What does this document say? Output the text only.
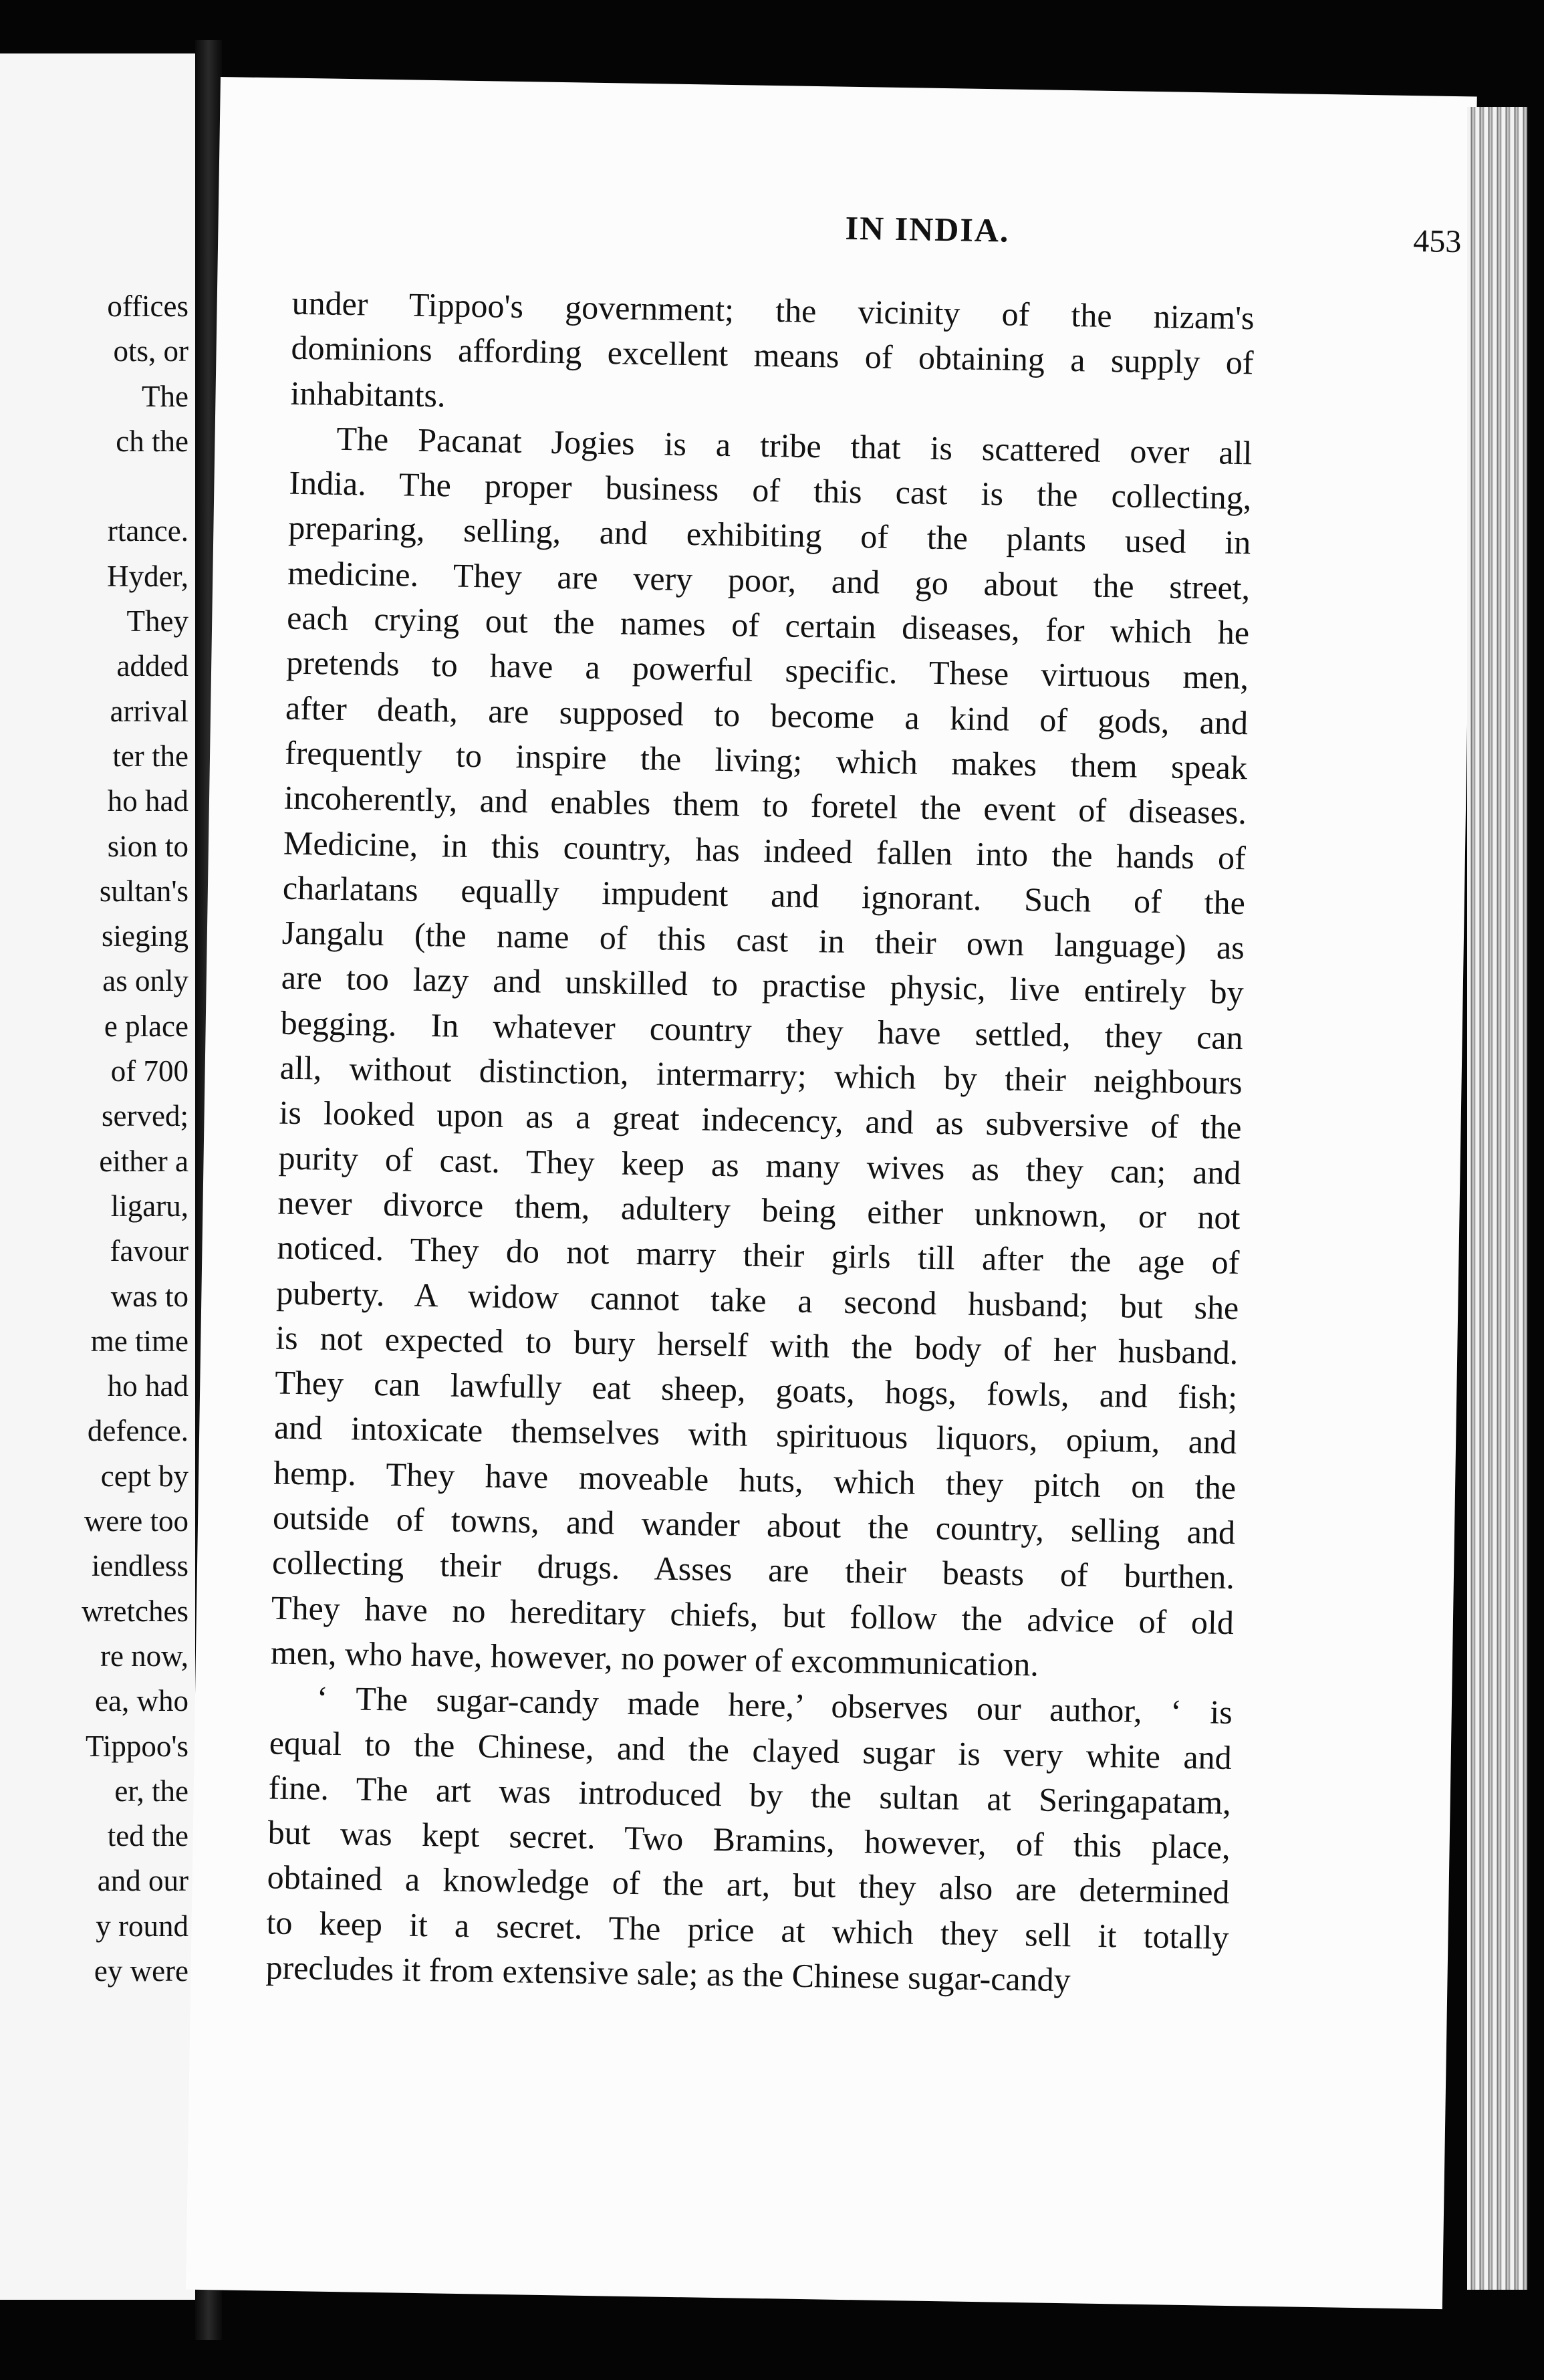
offices
ots, or
The
ch the
rtance.
Hyder,
They
added
arrival
ter the
ho had
sion to
sultan's
sieging
as only
e place
of 700
served;
either a
ligaru,
favour
was to
me time
ho had
defence.
cept by
were too
iendless
wretches
re now,
ea, who
Tippoo's
er, the
ted the
and our
y round
ey were
IN INDIA.	453

under Tippoo's government; the vicinity of the nizam's
dominions affording excellent means of obtaining a supply of
inhabitants.

The Pacanat Jogies is a tribe that is scattered over all
India. The proper business of this cast is the collecting,
preparing, selling, and exhibiting of the plants used in
medicine. They are very poor, and go about the street,
each crying out the names of certain diseases, for which he
pretends to have a powerful specific. These virtuous men,
after death, are supposed to become a kind of gods, and
frequently to inspire the living; which makes them speak
incoherently, and enables them to foretel the event of diseases.
Medicine, in this country, has indeed fallen into the hands of
charlatans equally impudent and ignorant. Such of the
Jangalu (the name of this cast in their own language) as
are too lazy and unskilled to practise physic, live entirely by
begging. In whatever country they have settled, they can
all, without distinction, intermarry; which by their neighbours
is looked upon as a great indecency, and as subversive of the
purity of cast. They keep as many wives as they can; and
never divorce them, adultery being either unknown, or not
noticed. They do not marry their girls till after the age of
puberty. A widow cannot take a second husband; but she
is not expected to bury herself with the body of her husband.
They can lawfully eat sheep, goats, hogs, fowls, and fish;
and intoxicate themselves with spirituous liquors, opium, and
hemp. They have moveable huts, which they pitch on the
outside of towns, and wander about the country, selling and
collecting their drugs. Asses are their beasts of burthen.
They have no hereditary chiefs, but follow the advice of old
men, who have, however, no power of excommunication.

‘ The sugar-candy made here,’ observes our author, ‘ is
equal to the Chinese, and the clayed sugar is very white and
fine. The art was introduced by the sultan at Seringapatam,
but was kept secret. Two Bramins, however, of this place,
obtained a knowledge of the art, but they also are determined
to keep it a secret. The price at which they sell it totally
precludes it from extensive sale; as the Chinese sugar-candy
